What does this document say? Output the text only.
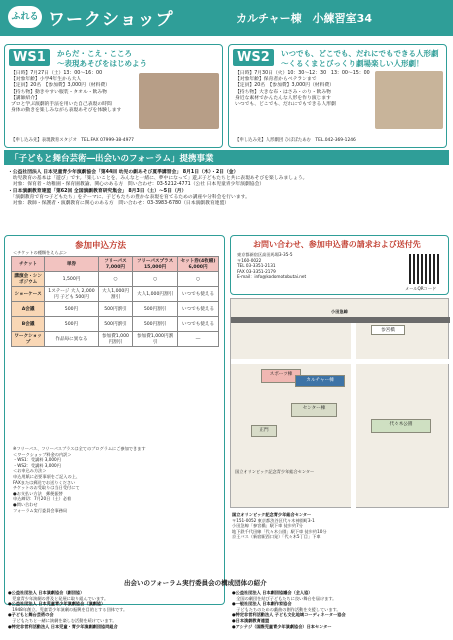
ふれる ワークショップ	カルチャー棟　小練習室34
WS1	からだ・こえ・こころ
〜表現あそびをはじめよう
【日時】7月27日（土）13：00〜16：00
【対象年齢】小学4年生から大人
【定員】20名　【参加費】3,000円（材料費）
【持ち物】動きやすい服装・タオル・飲み物
【講師紹介】
プロと学ぶ演劇的手法を用いた自己表現の時間
身体の動きを楽しみながら表現あそびを体験します
【申し込み先】表現教育スタジオ　TEL.FAX 07999-38-4977
WS2	いつでも、どこでも、だれにでもできる人形劇
〜くるくまとびっくり劇場楽しい人形劇！
【日時】7月30日（火）10：30〜12：30　13：00〜15：00
【対象年齢】保育者からベテランまで
【定員】20名　【参加費】3,000円（材料費）
【持ち物】大きな布・はさみ・のり・飲み物
身近な素材でかんたんな人形を作り演じます
いつでも、どこでも、だれにでもできる人形劇
【申し込み先】人形劇団 ひぽぽたあむ　TEL.042-369-1246
「子どもと舞台芸術―出会いのフォーラム」提携事業
・公益社団法人 日本児童青少年演劇協会「第44回 幼児の劇あそび夏季講習会」 8月1日（木）・2日（金）
　幼児教育の基本は「遊び」です。「楽しいことを、みんなと一緒に、夢中になって」遊ぶ子どもたちと共に表現あそびを楽しみましょう。
　対象：保育者・幼稚園・保育園教諭、関心のある方　問い合わせ：03-5212-4771（公社 日本児童青少年演劇協会）
・日本演劇教育連盟「第62回 全国演劇教育研究集会」 8月3日（土）〜5日（月）
　「演劇教育で育つ子どもたち」をテーマに、子どもたちの豊かな表現を育てるための講座や分科会を行います。
　対象：教師・保護者・演劇教育に関心のある方　問い合わせ：03-3983-6780（日本演劇教育連盟）
参加申込方法
＜チケットの種類をえらぶ＞
チケット	単券	フリーパス 7,000円	フリーパスプラス 15,000円	セット券(4枚綴) 6,000円
講演会・シンポジウム	1,500円	○	○	○
ショーケース	1ステージ 大人 2,000円 子ども 500円	大人1,000円割引	大人1,000円割引	いつでも使える
A会議	500円	500円割引	500円割引	いつでも使える
B会議	500円	500円割引	500円割引	いつでも使える
ワークショップ	作品毎に異なる	参加費1,000円割引	参加費1,000円割引	―
※フリーパス、フリーパスプラスは全てのプログラムにご参加できます
＜ワークショップ料金の内訳＞
・WS1：受講料 3,000円
・WS2：受講料 3,000円
＜お申込み方法＞
申込用紙に必要事項をご記入の上、
FAXまたは郵送でお送りください
チケットのお受取りは当日受付にて
●お支払い方法　郵便振替
申込締切：7月20日（土）必着
●問い合わせ
フォーラム実行委員会事務局
お問い合わせ、参加申込書の請求および送付先
東京都新宿区高田馬場3-35-5
〒160-0022
TEL 03-3351-2131
FAX 03-3351-2179
E-mail：info@kodomotobutai.net
メールQRコード
小田急線
参宮橋
スポーツ棟
カルチャー棟
センター棟
代々木公園
正門
国立オリンピック記念青少年総合センター
国立オリンピック記念青少年総合センター
〒151-0052 東京都渋谷区代々木神園町3-1
小田急線「参宮橋」駅下車 徒歩約7分
地下鉄千代田線「代々木公園」駅下車 徒歩約10分
京王バス（新宿駅西口発）「代々木5丁目」下車
出会いのフォーラム実行委員会の構成団体の紹介
●公益社団法人 日本演劇協会（劇団協）
　児童青少年演劇の普及と発展に取り組んでいます。
●公益社団法人 日本児童青少年演劇協会（演劇協）
　1948年創立。児童青少年演劇の振興を目的とする団体です。
●子どもと舞台芸術の会
　子どもたちと一緒に演劇を楽しむ活動を続けています。
●特定非営利活動法人 日本児童・青少年演劇劇団協同組合
●公益社団法人 日本劇団協議会（全人協）
　全国の劇団を結び子どもたちに良い舞台を届けます。
●一般社団法人 日本劇作家協会
　子どもたちのための戯曲の創作活動を支援しています。
●特定非営利活動法人 子ども文化地域コーディネーター協会
●日本演劇教育連盟
●アシテジ（国際児童青少年演劇協会）日本センター
